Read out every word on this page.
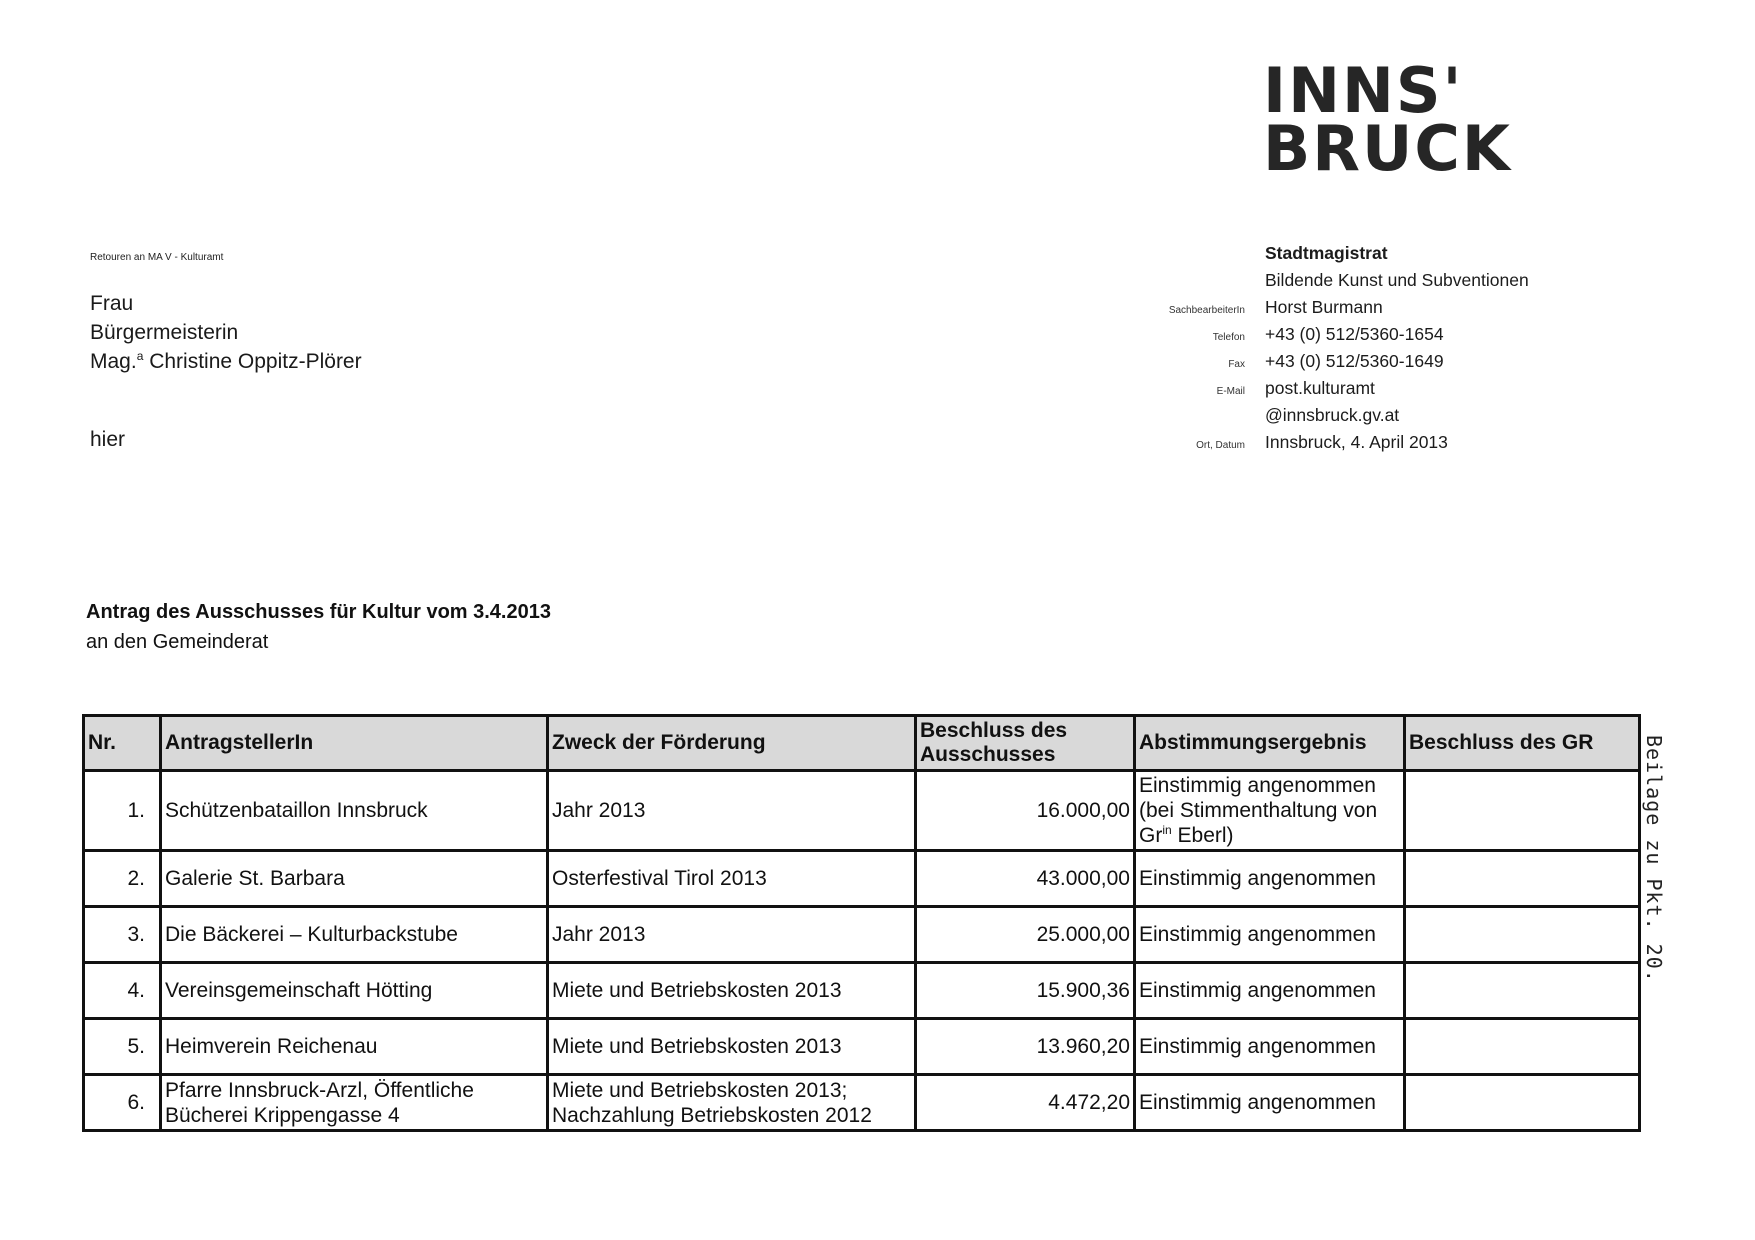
INNS'
BRUCK
Retouren an MA V - Kulturamt
Frau
Bürgermeisterin
Mag.$^a$ Christine Oppitz-Plörer
hier
Stadtmagistrat
Bildende Kunst und Subventionen
SachbearbeiterIn	Horst Burmann
Telefon	+43 (0) 512/5360-1654
Fax	+43 (0) 512/5360-1649
E-Mail	post.kulturamt
@innsbruck.gv.at
Ort, Datum	Innsbruck, 4. April 2013
Antrag des Ausschusses für Kultur vom 3.4.2013
an den Gemeinderat
Nr.	AntragstellerIn	Zweck der Förderung	Beschluss des Ausschusses	Abstimmungsergebnis	Beschluss des GR
1.	Schützenbataillon Innsbruck	Jahr 2013	16.000,00	Einstimmig angenommen (bei Stimmenthaltung von $Gr^{in}$ Eberl)	
2.	Galerie St. Barbara	Osterfestival Tirol 2013	43.000,00	Einstimmig angenommen	
3.	Die Bäckerei – Kulturbackstube	Jahr 2013	25.000,00	Einstimmig angenommen	
4.	Vereinsgemeinschaft Hötting	Miete und Betriebskosten 2013	15.900,36	Einstimmig angenommen	
5.	Heimverein Reichenau	Miete und Betriebskosten 2013	13.960,20	Einstimmig angenommen	
6.	Pfarre Innsbruck-Arzl, Öffentliche Bücherei Krippengasse 4	Miete und Betriebskosten 2013; Nachzahlung Betriebskosten 2012	4.472,20	Einstimmig angenommen	
Beilage zu Pkt. 20.
